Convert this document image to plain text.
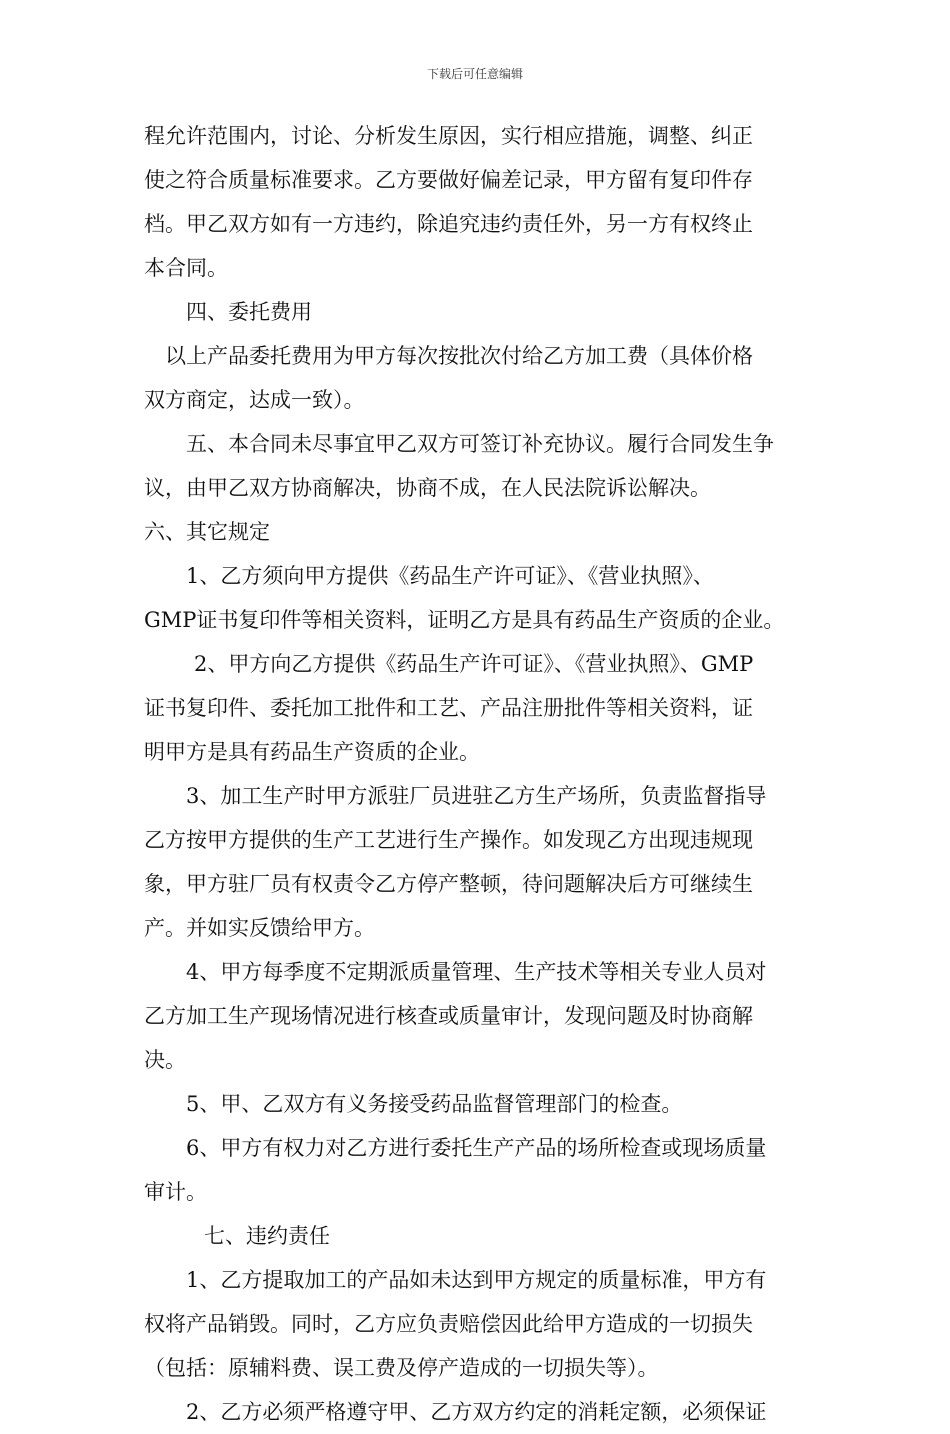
下载后可任意编辑

程允许范围内，讨论、分析发生原因，实行相应措施，调整、纠正

使之符合质量标准要求。乙方要做好偏差记录，甲方留有复印件存

档。甲乙双方如有一方违约，除追究违约责任外，另一方有权终止

本合同。

四、委托费用

以上产品委托费用为甲方每次按批次付给乙方加工费（具体价格

双方商定，达成一致）。

五、本合同未尽事宜甲乙双方可签订补充协议。履行合同发生争

议，由甲乙双方协商解决，协商不成，在人民法院诉讼解决。

六、其它规定

1、乙方须向甲方提供《药品生产许可证》、《营业执照》、

GMP证书复印件等相关资料，证明乙方是具有药品生产资质的企业。

2、甲方向乙方提供《药品生产许可证》、《营业执照》、GMP

证书复印件、委托加工批件和工艺、产品注册批件等相关资料，证

明甲方是具有药品生产资质的企业。

3、加工生产时甲方派驻厂员进驻乙方生产场所，负责监督指导

乙方按甲方提供的生产工艺进行生产操作。如发现乙方出现违规现

象，甲方驻厂员有权责令乙方停产整顿，待问题解决后方可继续生

产。并如实反馈给甲方。

4、甲方每季度不定期派质量管理、生产技术等相关专业人员对

乙方加工生产现场情况进行核查或质量审计，发现问题及时协商解

决。

5、甲、乙双方有义务接受药品监督管理部门的检查。

6、甲方有权力对乙方进行委托生产产品的场所检查或现场质量

审计。

七、违约责任

1、乙方提取加工的产品如未达到甲方规定的质量标准，甲方有

权将产品销毁。同时，乙方应负责赔偿因此给甲方造成的一切损失

（包括：原辅料费、误工费及停产造成的一切损失等）。

2、乙方必须严格遵守甲、乙方双方约定的消耗定额，必须保证
